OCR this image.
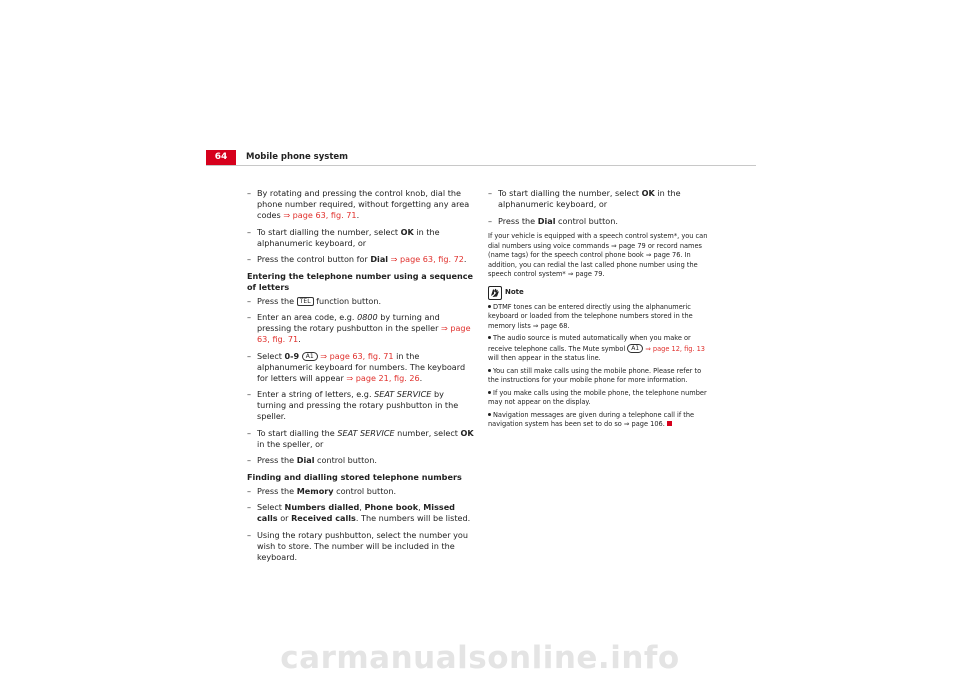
64	Mobile phone system
– By rotating and pressing the control knob, dial the phone number required, without forgetting any area codes ⇒ page 63, fig. 71.
– To start dialling the number, select OK in the alphanumeric keyboard, or
– Press the control button for Dial ⇒ page 63, fig. 72.
Entering the telephone number using a sequence of letters
– Press the TEL function button.
– Enter an area code, e.g. 0800 by turning and pressing the rotary pushbutton in the speller ⇒ page 63, fig. 71.
– Select 0-9 A1 ⇒ page 63, fig. 71 in the alphanumeric keyboard for numbers. The keyboard for letters will appear ⇒ page 21, fig. 26.
– Enter a string of letters, e.g. SEAT SERVICE by turning and pressing the rotary pushbutton in the speller.
– To start dialling the SEAT SERVICE number, select OK in the speller, or
– Press the Dial control button.
Finding and dialling stored telephone numbers
– Press the Memory control button.
– Select Numbers dialled, Phone book, Missed calls or Received calls. The numbers will be listed.
– Using the rotary pushbutton, select the number you wish to store. The number will be included in the keyboard.
– To start dialling the number, select OK in the alphanumeric keyboard, or
– Press the Dial control button.

If your vehicle is equipped with a speech control system*, you can dial numbers using voice commands ⇒ page 79 or record names (name tags) for the speech control phone book ⇒ page 76. In addition, you can redial the last called phone number using the speech control system* ⇒ page 79.

Note

DTMF tones can be entered directly using the alphanumeric keyboard or loaded from the telephone numbers stored in the memory lists ⇒ page 68.

The audio source is muted automatically when you make or receive telephone calls. The Mute symbol A1 ⇒ page 12, fig. 13 will then appear in the status line.

You can still make calls using the mobile phone. Please refer to the instructions for your mobile phone for more information.

If you make calls using the mobile phone, the telephone number may not appear on the display.

Navigation messages are given during a telephone call if the navigation system has been set to do so ⇒ page 106.

carmanualsonline.info
